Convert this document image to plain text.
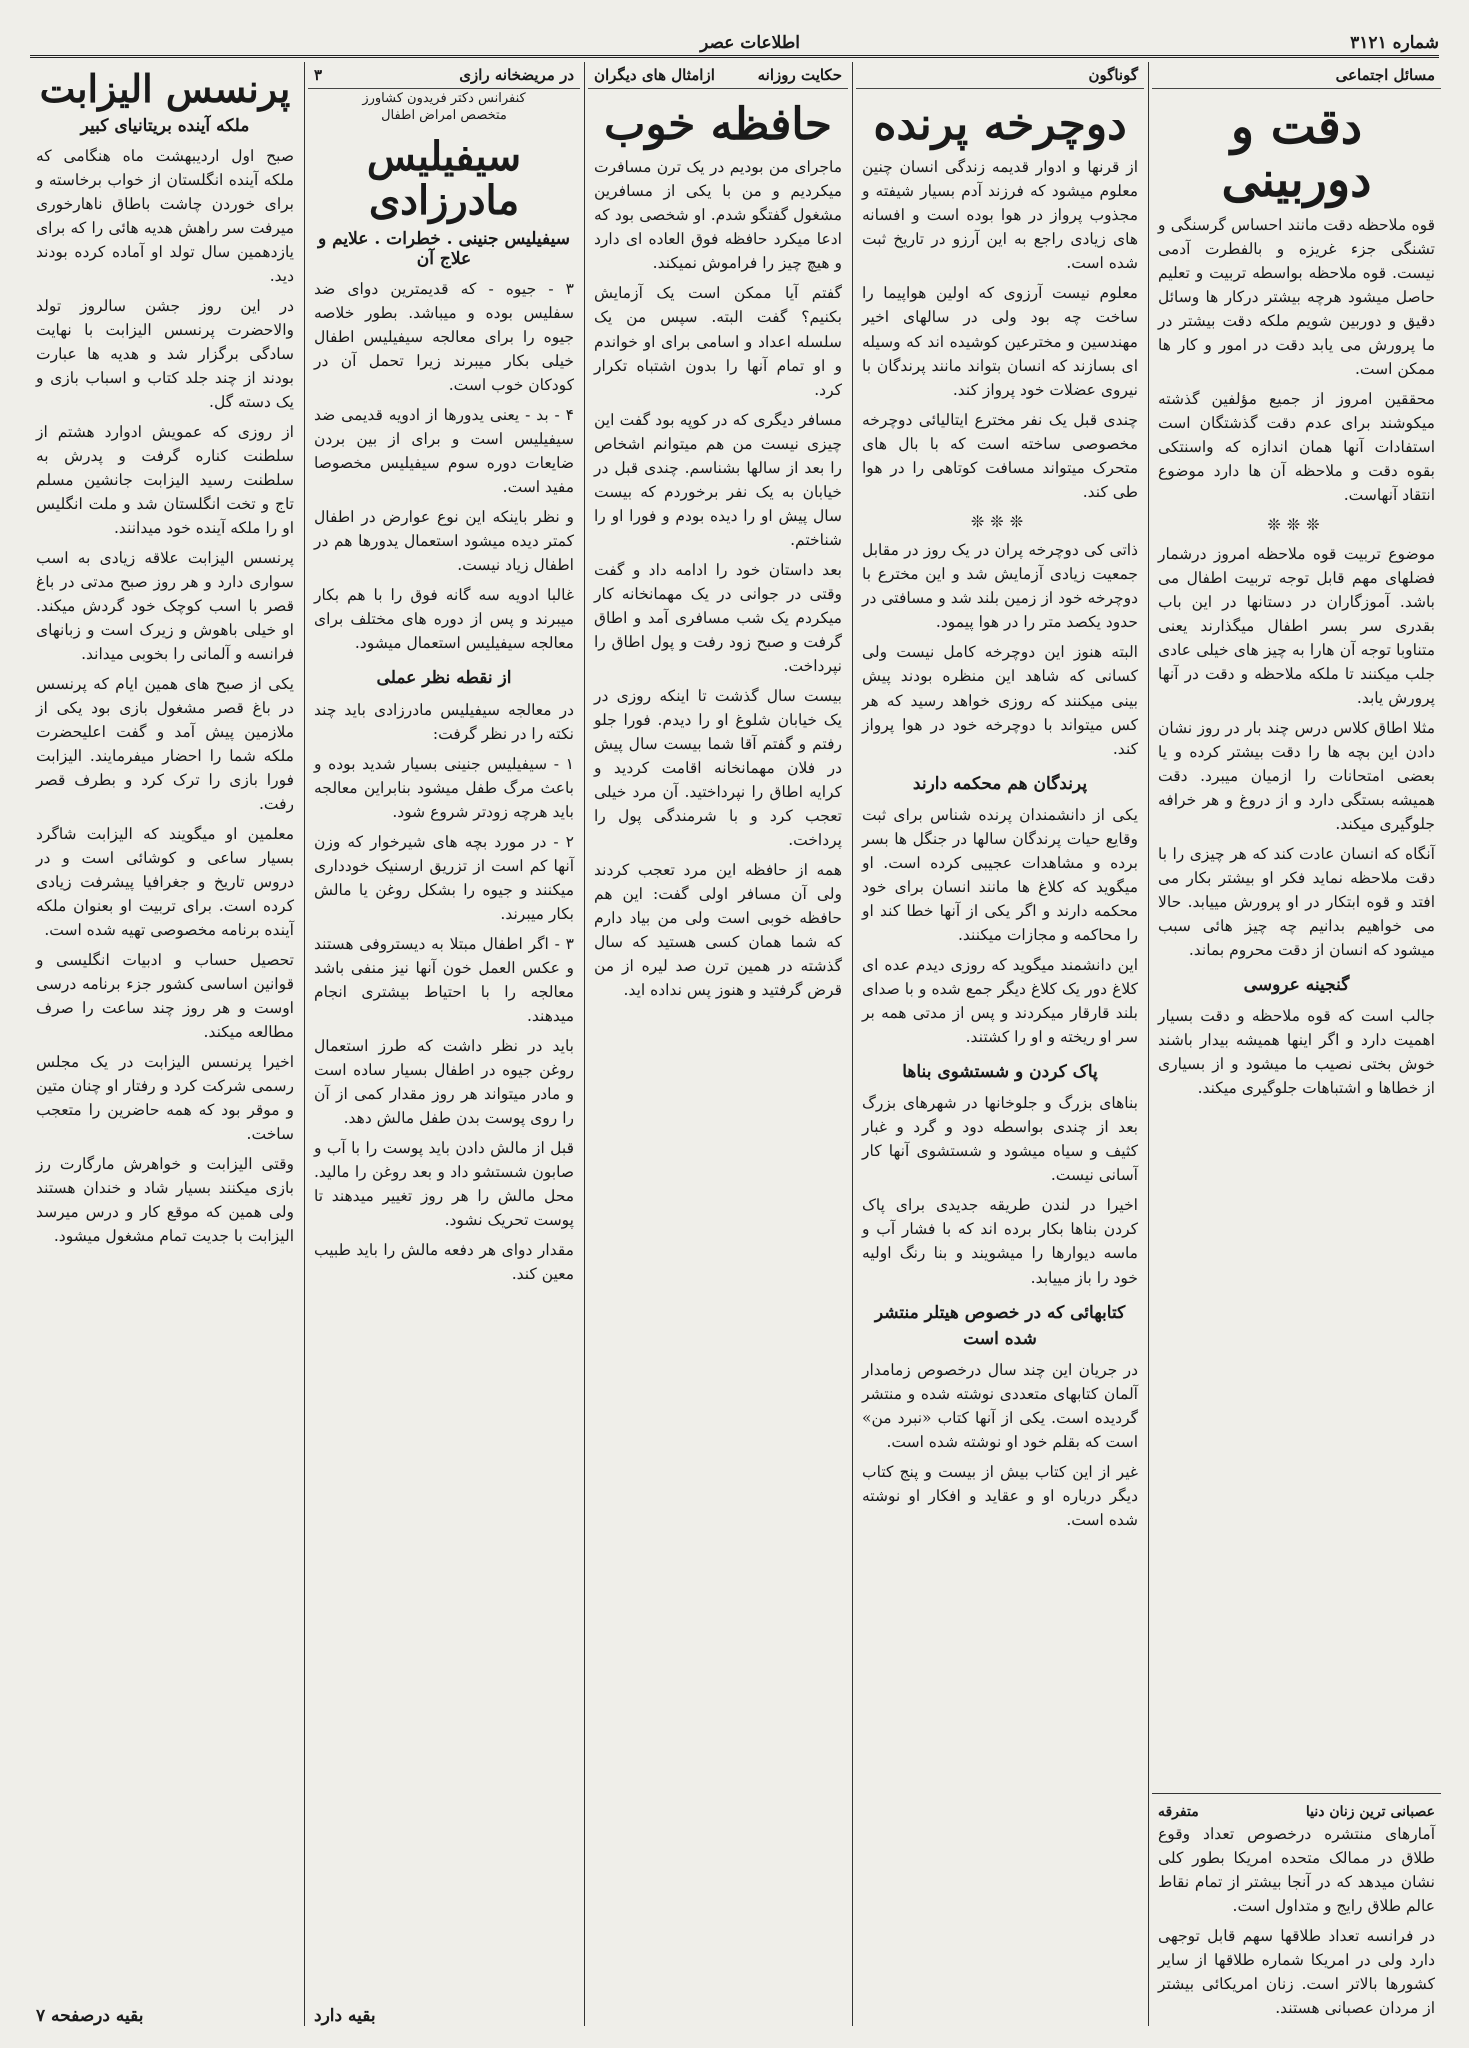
شماره ۳۱۲۱
اطلاعات عصر
مسائل اجتماعی
دقت و دوربینی

قوه ملاحظه دقت مانند احساس گرسنگی و تشنگی جزء غریزه و بالفطرت آدمی نیست. قوه ملاحظه بواسطه تربیت و تعلیم حاصل میشود هرچه بیشتر درکار ها وسائل دقیق و دوربین شویم ملکه دقت بیشتر در ما پرورش می یابد دقت در امور و کار ها ممکن است.

محققین امروز از جمیع مؤلفین گذشته میکوشند برای عدم دقت گذشتگان است استفادات آنها همان اندازه که واسنتکی بقوه دقت و ملاحظه آن ها دارد موضوع انتقاد آنهاست.

❊❊❊

موضوع تربیت قوه ملاحظه امروز درشمار فضلهای مهم قابل توجه تربیت اطفال می باشد. آموزگاران در دستانها در این باب بقدری سر بسر اطفال میگذارند یعنی متناوبا توجه آن هارا به چیز های خیلی عادی جلب میکنند تا ملکه ملاحظه و دقت در آنها پرورش یابد.

مثلا اطاق کلاس درس چند بار در روز نشان دادن این بچه ها را دقت بیشتر کرده و یا بعضی امتحانات را ازمیان میبرد. دقت همیشه بستگی دارد و از دروغ و هر خرافه جلوگیری میکند.

آنگاه که انسان عادت کند که هر چیزی را با دقت ملاحظه نماید فکر او بیشتر بکار می افتد و قوه ابتکار در او پرورش مییابد. حالا می خواهیم بدانیم چه چیز هائی سبب میشود که انسان از دقت محروم بماند.

گنجینه عروسی

جالب است که قوه ملاحظه و دقت بسیار اهمیت دارد و اگر اینها همیشه بیدار باشند خوش بختی نصیب ما میشود و از بسیاری از خطاها و اشتباهات جلوگیری میکند.

عصبانی ترین زنان دنیا
متفرقه

آمارهای منتشره درخصوص تعداد وقوع طلاق در ممالک متحده امریکا بطور کلی نشان میدهد که در آنجا بیشتر از تمام نقاط عالم طلاق رایج و متداول است.

در فرانسه تعداد طلاقها سهم قابل توجهی دارد ولی در امریکا شماره طلاقها از سایر کشورها بالاتر است. زنان امریکائی بیشتر از مردان عصبانی هستند.

گوناگون
دوچرخه پرنده

از قرنها و ادوار قدیمه زندگی انسان چنین معلوم میشود که فرزند آدم بسیار شیفته و مجذوب پرواز در هوا بوده است و افسانه های زیادی راجع به این آرزو در تاریخ ثبت شده است.

معلوم نیست آرزوی که اولین هواپیما را ساخت چه بود ولی در سالهای اخیر مهندسین و مخترعین کوشیده اند که وسیله ای بسازند که انسان بتواند مانند پرندگان با نیروی عضلات خود پرواز کند.

چندی قبل یک نفر مخترع ایتالیائی دوچرخه مخصوصی ساخته است که با بال های متحرک میتواند مسافت کوتاهی را در هوا طی کند.

❊❊❊

ذاتی کی دوچرخه پران در یک روز در مقابل جمعیت زیادی آزمایش شد و این مخترع با دوچرخه خود از زمین بلند شد و مسافتی در حدود یکصد متر را در هوا پیمود.

البته هنوز این دوچرخه کامل نیست ولی کسانی که شاهد این منظره بودند پیش بینی میکنند که روزی خواهد رسید که هر کس میتواند با دوچرخه خود در هوا پرواز کند.

پرندگان هم محکمه دارند

یکی از دانشمندان پرنده شناس برای ثبت وقایع حیات پرندگان سالها در جنگل ها بسر برده و مشاهدات عجیبی کرده است. او میگوید که کلاغ ها مانند انسان برای خود محکمه دارند و اگر یکی از آنها خطا کند او را محاکمه و مجازات میکنند.

این دانشمند میگوید که روزی دیدم عده ای کلاغ دور یک کلاغ دیگر جمع شده و با صدای بلند قارقار میکردند و پس از مدتی همه بر سر او ریخته و او را کشتند.

پاک کردن و شستشوی بناها

بناهای بزرگ و جلوخانها در شهرهای بزرگ بعد از چندی بواسطه دود و گرد و غبار کثیف و سیاه میشود و شستشوی آنها کار آسانی نیست.

اخیرا در لندن طریقه جدیدی برای پاک کردن بناها بکار برده اند که با فشار آب و ماسه دیوارها را میشویند و بنا رنگ اولیه خود را باز مییابد.

کتابهائی که در خصوص هیتلر منتشر شده است

در جریان این چند سال درخصوص زمامدار آلمان کتابهای متعددی نوشته شده و منتشر گردیده است. یکی از آنها کتاب «نبرد من» است که بقلم خود او نوشته شده است.

غیر از این کتاب بیش از بیست و پنج کتاب دیگر درباره او و عقاید و افکار او نوشته شده است.

حکایت روزانه
ازامثال های دیگران
حافظه خوب

ماجرای من بودیم در یک ترن مسافرت میکردیم و من با یکی از مسافرین مشغول گفتگو شدم. او شخصی بود که ادعا میکرد حافظه فوق العاده ای دارد و هیچ چیز را فراموش نمیکند.

گفتم آیا ممکن است یک آزمایش بکنیم؟ گفت البته. سپس من یک سلسله اعداد و اسامی برای او خواندم و او تمام آنها را بدون اشتباه تکرار کرد.

مسافر دیگری که در کوپه بود گفت این چیزی نیست من هم میتوانم اشخاص را بعد از سالها بشناسم. چندی قبل در خیابان به یک نفر برخوردم که بیست سال پیش او را دیده بودم و فورا او را شناختم.

بعد داستان خود را ادامه داد و گفت وقتی در جوانی در یک مهمانخانه کار میکردم یک شب مسافری آمد و اطاق گرفت و صبح زود رفت و پول اطاق را نپرداخت.

بیست سال گذشت تا اینکه روزی در یک خیابان شلوغ او را دیدم. فورا جلو رفتم و گفتم آقا شما بیست سال پیش در فلان مهمانخانه اقامت کردید و کرایه اطاق را نپرداختید. آن مرد خیلی تعجب کرد و با شرمندگی پول را پرداخت.

همه از حافظه این مرد تعجب کردند ولی آن مسافر اولی گفت: این هم حافظه خوبی است ولی من بیاد دارم که شما همان کسی هستید که سال گذشته در همین ترن صد لیره از من قرض گرفتید و هنوز پس نداده اید.

در مریضخانه رازی
۳
کنفرانس دکتر فریدون کشاورز
متخصص امراض اطفال
سیفیلیس مادرزادی
سیفیلیس جنینی . خطرات . علایم و علاج آن

۳ - جیوه - که قدیمترین دوای ضد سفلیس بوده و میباشد. بطور خلاصه جیوه را برای معالجه سیفیلیس اطفال خیلی بکار میبرند زیرا تحمل آن در کودکان خوب است.

۴ - بد - یعنی یدورها از ادویه قدیمی ضد سیفیلیس است و برای از بین بردن ضایعات دوره سوم سیفیلیس مخصوصا مفید است.

و نظر باینکه این نوع عوارض در اطفال کمتر دیده میشود استعمال یدورها هم در اطفال زیاد نیست.

غالبا ادویه سه گانه فوق را با هم بکار میبرند و پس از دوره های مختلف برای معالجه سیفیلیس استعمال میشود.

از نقطه نظر عملی

در معالجه سیفیلیس مادرزادی باید چند نکته را در نظر گرفت:

۱ - سیفیلیس جنینی بسیار شدید بوده و باعث مرگ طفل میشود بنابراین معالجه باید هرچه زودتر شروع شود.

۲ - در مورد بچه های شیرخوار که وزن آنها کم است از تزریق ارسنیک خودداری میکنند و جیوه را بشکل روغن یا مالش بکار میبرند.

۳ - اگر اطفال مبتلا به دیستروفی هستند و عکس العمل خون آنها نیز منفی باشد معالجه را با احتیاط بیشتری انجام میدهند.

باید در نظر داشت که طرز استعمال روغن جیوه در اطفال بسیار ساده است و مادر میتواند هر روز مقدار کمی از آن را روی پوست بدن طفل مالش دهد.

قبل از مالش دادن باید پوست را با آب و صابون شستشو داد و بعد روغن را مالید. محل مالش را هر روز تغییر میدهند تا پوست تحریک نشود.

مقدار دوای هر دفعه مالش را باید طبیب معین کند.

بقیه دارد
پرنسس الیزابت
ملکه آینده بریتانیای کبیر

صبح اول اردیبهشت ماه هنگامی که ملکه آینده انگلستان از خواب برخاسته و برای خوردن چاشت باطاق ناهارخوری میرفت سر راهش هدیه هائی را که برای یازدهمین سال تولد او آماده کرده بودند دید.

در این روز جشن سالروز تولد والاحضرت پرنسس الیزابت با نهایت سادگی برگزار شد و هدیه ها عبارت بودند از چند جلد کتاب و اسباب بازی و یک دسته گل.

از روزی که عمویش ادوارد هشتم از سلطنت کناره گرفت و پدرش به سلطنت رسید الیزابت جانشین مسلم تاج و تخت انگلستان شد و ملت انگلیس او را ملکه آینده خود میدانند.

پرنسس الیزابت علاقه زیادی به اسب سواری دارد و هر روز صبح مدتی در باغ قصر با اسب کوچک خود گردش میکند. او خیلی باهوش و زیرک است و زبانهای فرانسه و آلمانی را بخوبی میداند.

یکی از صبح های همین ایام که پرنسس در باغ قصر مشغول بازی بود یکی از ملازمین پیش آمد و گفت اعلیحضرت ملکه شما را احضار میفرمایند. الیزابت فورا بازی را ترک کرد و بطرف قصر رفت.

معلمین او میگویند که الیزابت شاگرد بسیار ساعی و کوشائی است و در دروس تاریخ و جغرافیا پیشرفت زیادی کرده است. برای تربیت او بعنوان ملکه آینده برنامه مخصوصی تهیه شده است.

تحصیل حساب و ادبیات انگلیسی و قوانین اساسی کشور جزء برنامه درسی اوست و هر روز چند ساعت را صرف مطالعه میکند.

اخیرا پرنسس الیزابت در یک مجلس رسمی شرکت کرد و رفتار او چنان متین و موقر بود که همه حاضرین را متعجب ساخت.

وقتی الیزابت و خواهرش مارگارت رز بازی میکنند بسیار شاد و خندان هستند ولی همین که موقع کار و درس میرسد الیزابت با جدیت تمام مشغول میشود.

بقیه درصفحه ۷
